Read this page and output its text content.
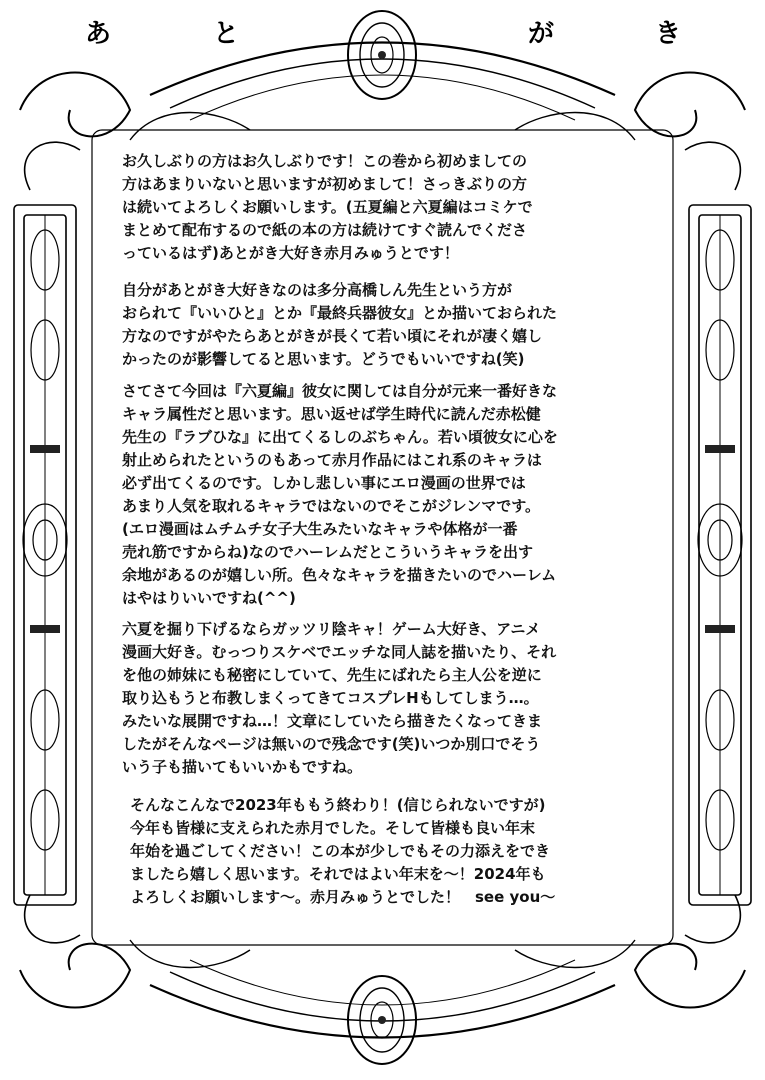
あ	と	が	き

お久しぶりの方はお久しぶりです！この巻から初めましての
方はあまりいないと思いますが初めまして！さっきぶりの方
は続いてよろしくお願いします。(五夏編と六夏編はコミケで
まとめて配布するので紙の本の方は続けてすぐ読んでくださ
っているはず)あとがき大好き赤月みゅうとです！

自分があとがき大好きなのは多分高橋しん先生という方が
おられて『いいひと』とか『最終兵器彼女』とか描いておられた
方なのですがやたらあとがきが長くて若い頃にそれが凄く嬉し
かったのが影響してると思います。どうでもいいですね(笑)

さてさて今回は『六夏編』彼女に関しては自分が元来一番好きな
キャラ属性だと思います。思い返せば学生時代に読んだ赤松健
先生の『ラブひな』に出てくるしのぶちゃん。若い頃彼女に心を
射止められたというのもあって赤月作品にはこれ系のキャラは
必ず出てくるのです。しかし悲しい事にエロ漫画の世界では
あまり人気を取れるキャラではないのでそこがジレンマです。
(エロ漫画はムチムチ女子大生みたいなキャラや体格が一番
売れ筋ですからね)なのでハーレムだとこういうキャラを出す
余地があるのが嬉しい所。色々なキャラを描きたいのでハーレム
はやはりいいですね(^^)

六夏を掘り下げるならガッツリ陰キャ！ゲーム大好き、アニメ
漫画大好き。むっつりスケベでエッチな同人誌を描いたり、それ
を他の姉妹にも秘密にしていて、先生にばれたら主人公を逆に
取り込もうと布教しまくってきてコスプレHもしてしまう…。
みたいな展開ですね…！文章にしていたら描きたくなってきま
したがそんなページは無いので残念です(笑)いつか別口でそう
いう子も描いてもいいかもですね。

そんなこんなで2023年ももう終わり！(信じられないですが)
今年も皆様に支えられた赤月でした。そして皆様も良い年末
年始を過ごしてください！この本が少しでもその力添えをでき
ましたら嬉しく思います。それではよい年末を〜！2024年も
よろしくお願いします〜。赤月みゅうとでした！　see you〜
